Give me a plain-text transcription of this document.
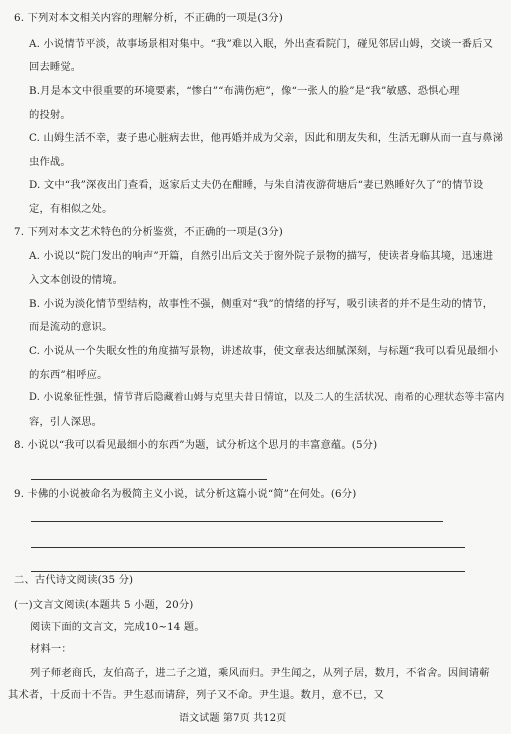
6. 下列对本文相关内容的理解分析，不正确的一项是(3分)
A. 小说情节平淡，故事场景相对集中。“我”难以入眠，外出查看院门，碰见邻居山姆，交谈一番后又
回去睡觉。
B.月是本文中很重要的环境要素，“惨白”“布满伤疤”，像“一张人的脸”是“我”敏感、恐惧心理
的投射。
C. 山姆生活不幸，妻子患心脏病去世，他再婚并成为父亲，因此和朋友失和，生活无聊从而一直与鼻涕
虫作战。
D. 文中“我”深夜出门查看，返家后丈夫仍在酣睡，与朱自清夜游荷塘后“妻已熟睡好久了”的情节设
定，有相似之处。
7. 下列对本文艺术特色的分析鉴赏，不正确的一项是(3分)
A. 小说以“院门发出的响声”开篇，自然引出后文关于窗外院子景物的描写，使读者身临其境，迅速进
入文本创设的情境。
B. 小说为淡化情节型结构，故事性不强，侧重对“我”的情绪的抒写，吸引读者的并不是生动的情节，
而是流动的意识。
C. 小说从一个失眠女性的角度描写景物，讲述故事，使文章表达细腻深刻，与标题“我可以看见最细小
的东西”相呼应。
D. 小说象征性强，情节背后隐藏着山姆与克里夫昔日情谊，以及二人的生活状况、南希的心理状态等丰富内
容，引人深思。
8. 小说以“我可以看见最细小的东西”为题，试分析这个思月的丰富意蕴。(5分)
9. 卡佛的小说被命名为极简主义小说，试分析这篇小说“简”在何处。(6分)
二、古代诗文阅读(35 分)
(一)文言文阅读(本题共 5 小题，20分)
阅读下面的文言文，完成10~14 题。
材料一：
列子师老商氏，友伯高子，进二子之道，乘风而归。尹生闻之，从列子居，数月，不省舍。因间请蕲
其术者，十反而十不告。尹生怼而请辞，列子又不命。尹生退。数月，意不已，又
语文试题 第7页 共12页
